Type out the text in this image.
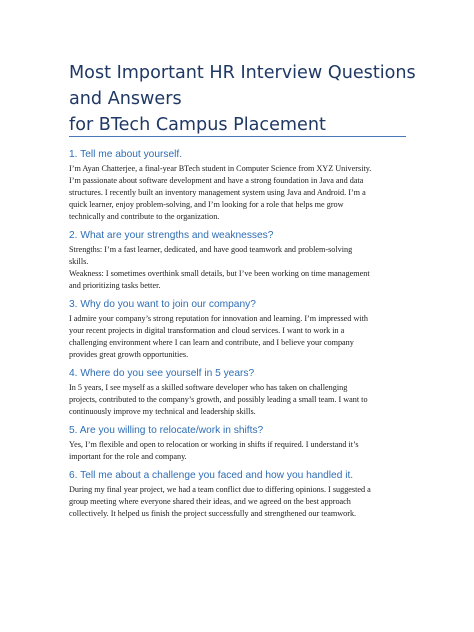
Most Important HR Interview Questions
and Answers
for BTech Campus Placement
1. Tell me about yourself.

I’m Ayan Chatterjee, a final-year BTech student in Computer Science from XYZ University.
I’m passionate about software development and have a strong foundation in Java and data
structures. I recently built an inventory management system using Java and Android. I’m a
quick learner, enjoy problem-solving, and I’m looking for a role that helps me grow
technically and contribute to the organization.

2. What are your strengths and weaknesses?

Strengths: I’m a fast learner, dedicated, and have good teamwork and problem-solving
skills.
Weakness: I sometimes overthink small details, but I’ve been working on time management
and prioritizing tasks better.

3. Why do you want to join our company?

I admire your company’s strong reputation for innovation and learning. I’m impressed with
your recent projects in digital transformation and cloud services. I want to work in a
challenging environment where I can learn and contribute, and I believe your company
provides great growth opportunities.

4. Where do you see yourself in 5 years?

In 5 years, I see myself as a skilled software developer who has taken on challenging
projects, contributed to the company’s growth, and possibly leading a small team. I want to
continuously improve my technical and leadership skills.

5. Are you willing to relocate/work in shifts?

Yes, I’m flexible and open to relocation or working in shifts if required. I understand it’s
important for the role and company.

6. Tell me about a challenge you faced and how you handled it.

During my final year project, we had a team conflict due to differing opinions. I suggested a
group meeting where everyone shared their ideas, and we agreed on the best approach
collectively. It helped us finish the project successfully and strengthened our teamwork.
